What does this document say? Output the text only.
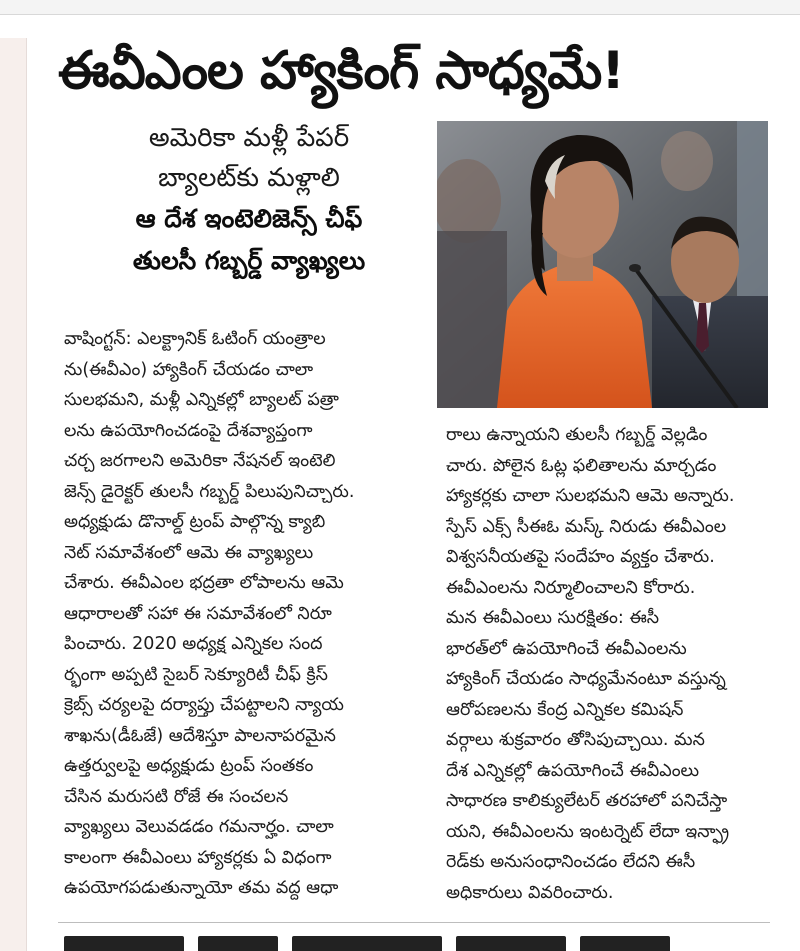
ఈవీఎంల హ్యాకింగ్ సాధ్యమే!
అమెరికా మళ్లీ పేపర్
బ్యాలట్‌కు మళ్లాలి
ఆ దేశ ఇంటెలిజెన్స్ చీఫ్
తులసీ గబ్బర్డ్ వ్యాఖ్యలు
వాషింగ్టన్: ఎలక్ట్రానిక్ ఓటింగ్ యంత్రాల
ను(ఈవీఎం) హ్యాకింగ్ చేయడం చాలా
సులభమని, మళ్లీ ఎన్నికల్లో బ్యాలట్ పత్రా
లను ఉపయోగించడంపై దేశవ్యాప్తంగా
చర్చ జరగాలని అమెరికా నేషనల్ ఇంటెలి
జెన్స్ డైరెక్టర్ తులసీ గబ్బర్డ్ పిలుపునిచ్చారు.
అధ్యక్షుడు డొనాల్డ్ ట్రంప్ పాల్గొన్న క్యాబి
నెట్ సమావేశంలో ఆమె ఈ వ్యాఖ్యలు
చేశారు. ఈవీఎంల భద్రతా లోపాలను ఆమె
ఆధారాలతో సహా ఈ సమావేశంలో నిరూ
పించారు. 2020 అధ్యక్ష ఎన్నికల సంద
ర్భంగా అప్పటి సైబర్ సెక్యూరిటీ చీఫ్ క్రిస్
క్రెబ్స్ చర్యలపై దర్యాప్తు చేపట్టాలని న్యాయ
శాఖను(డీఓజే) ఆదేశిస్తూ పాలనాపరమైన
ఉత్తర్వులపై అధ్యక్షుడు ట్రంప్ సంతకం
చేసిన మరుసటి రోజే ఈ సంచలన
వ్యాఖ్యలు వెలువడడం గమనార్హం. చాలా
కాలంగా ఈవీఎంలు హ్యాకర్లకు ఏ విధంగా
ఉపయోగపడుతున్నాయో తమ వద్ద ఆధా
రాలు ఉన్నాయని తులసీ గబ్బర్డ్ వెల్లడిం
చారు. పోలైన ఓట్ల ఫలితాలను మార్చడం
హ్యాకర్లకు చాలా సులభమని ఆమె అన్నారు.
స్పేస్ ఎక్స్ సీఈఓ మస్క్ నిరుడు ఈవీఎంల
విశ్వసనీయతపై సందేహం వ్యక్తం చేశారు.
ఈవీఎంలను నిర్మూలించాలని కోరారు.
మన ఈవీఎంలు సురక్షితం: ఈసీ
భారత్‌లో ఉపయోగించే ఈవీఎంలను
హ్యాకింగ్ చేయడం సాధ్యమేనంటూ వస్తున్న
ఆరోపణలను కేంద్ర ఎన్నికల కమిషన్
వర్గాలు శుక్రవారం తోసిపుచ్చాయి. మన
దేశ ఎన్నికల్లో ఉపయోగించే ఈవీఎంలు
సాధారణ కాలిక్యులేటర్ తరహాలో పనిచేస్తా
యని, ఈవీఎంలను ఇంటర్నెట్ లేదా ఇన్ఫ్రా
రెడ్‌కు అనుసంధానించడం లేదని ఈసీ
అధికారులు వివరించారు.
